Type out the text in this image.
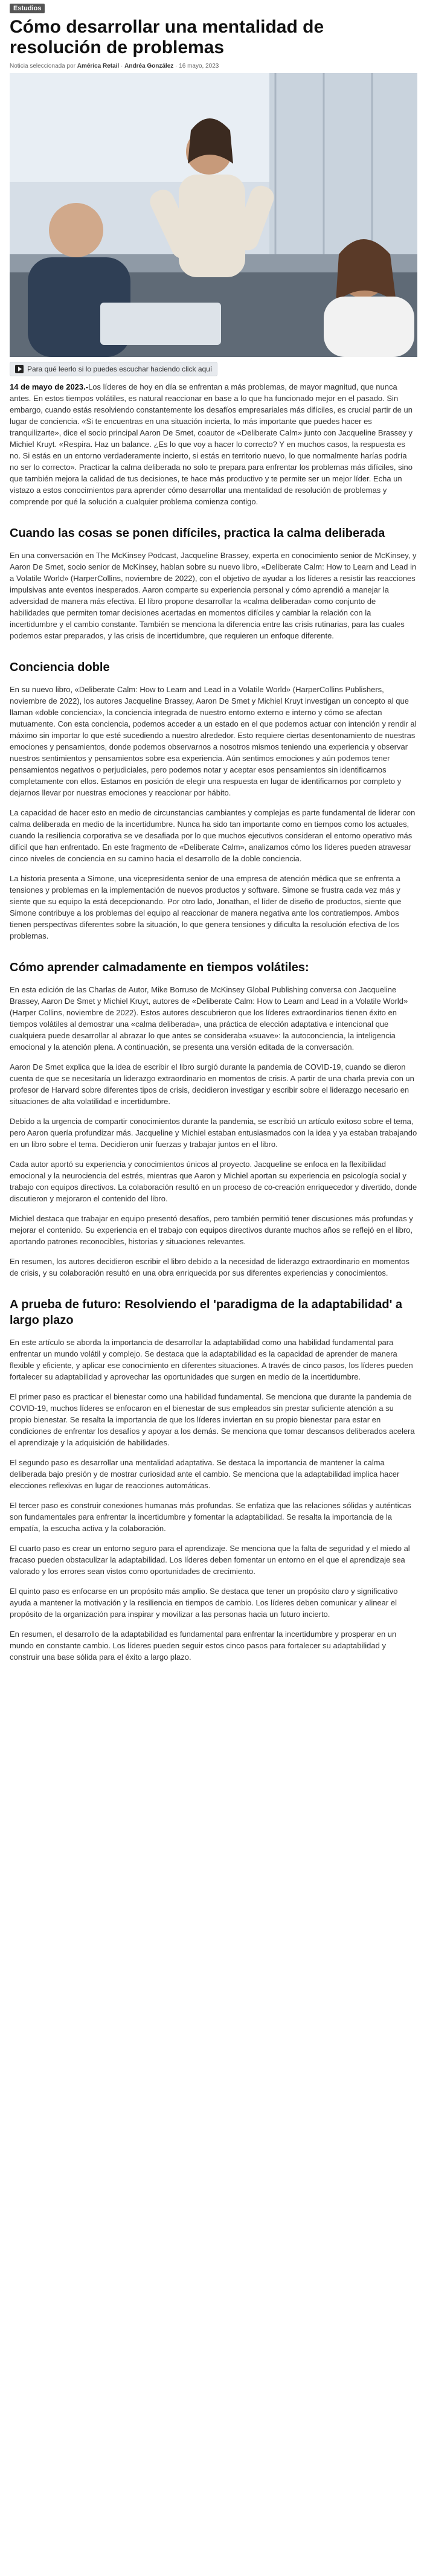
Estudios
Cómo desarrollar una mentalidad de resolución de problemas
Noticia seleccionada por América Retail · Andréa González · 16 mayo, 2023
Para qué leerlo si lo puedes escuchar haciendo click aquí

14 de mayo de 2023.-Los líderes de hoy en día se enfrentan a más problemas, de mayor magnitud, que nunca antes. En estos tiempos volátiles, es natural reaccionar en base a lo que ha funcionado mejor en el pasado. Sin embargo, cuando estás resolviendo constantemente los desafíos empresariales más difíciles, es crucial partir de un lugar de conciencia. «Si te encuentras en una situación incierta, lo más importante que puedes hacer es tranquilizarte», dice el socio principal Aaron De Smet, coautor de «Deliberate Calm» junto con Jacqueline Brassey y Michiel Kruyt. «Respira. Haz un balance. ¿Es lo que voy a hacer lo correcto? Y en muchos casos, la respuesta es no. Si estás en un entorno verdaderamente incierto, si estás en territorio nuevo, lo que normalmente harías podría no ser lo correcto». Practicar la calma deliberada no solo te prepara para enfrentar los problemas más difíciles, sino que también mejora la calidad de tus decisiones, te hace más productivo y te permite ser un mejor líder. Echa un vistazo a estos conocimientos para aprender cómo desarrollar una mentalidad de resolución de problemas y comprende por qué la solución a cualquier problema comienza contigo.

Cuando las cosas se ponen difíciles, practica la calma deliberada

En una conversación en The McKinsey Podcast, Jacqueline Brassey, experta en conocimiento senior de McKinsey, y Aaron De Smet, socio senior de McKinsey, hablan sobre su nuevo libro, «Deliberate Calm: How to Learn and Lead in a Volatile World» (HarperCollins, noviembre de 2022), con el objetivo de ayudar a los líderes a resistir las reacciones impulsivas ante eventos inesperados. Aaron comparte su experiencia personal y cómo aprendió a manejar la adversidad de manera más efectiva. El libro propone desarrollar la «calma deliberada» como conjunto de habilidades que permiten tomar decisiones acertadas en momentos difíciles y cambiar la relación con la incertidumbre y el cambio constante. También se menciona la diferencia entre las crisis rutinarias, para las cuales podemos estar preparados, y las crisis de incertidumbre, que requieren un enfoque diferente.

Conciencia doble

En su nuevo libro, «Deliberate Calm: How to Learn and Lead in a Volatile World» (HarperCollins Publishers, noviembre de 2022), los autores Jacqueline Brassey, Aaron De Smet y Michiel Kruyt investigan un concepto al que llaman «doble conciencia», la conciencia integrada de nuestro entorno externo e interno y cómo se afectan mutuamente. Con esta conciencia, podemos acceder a un estado en el que podemos actuar con intención y rendir al máximo sin importar lo que esté sucediendo a nuestro alrededor. Esto requiere ciertas desentonamiento de nuestras emociones y pensamientos, donde podemos observarnos a nosotros mismos teniendo una experiencia y observar nuestros sentimientos y pensamientos sobre esa experiencia. Aún sentimos emociones y aún podemos tener pensamientos negativos o perjudiciales, pero podemos notar y aceptar esos pensamientos sin identificarnos completamente con ellos. Estamos en posición de elegir una respuesta en lugar de identificarnos por completo y dejarnos llevar por nuestras emociones y reaccionar por hábito.

La capacidad de hacer esto en medio de circunstancias cambiantes y complejas es parte fundamental de liderar con calma deliberada en medio de la incertidumbre. Nunca ha sido tan importante como en tiempos como los actuales, cuando la resiliencia corporativa se ve desafiada por lo que muchos ejecutivos consideran el entorno operativo más difícil que han enfrentado. En este fragmento de «Deliberate Calm», analizamos cómo los líderes pueden atravesar cinco niveles de conciencia en su camino hacia el desarrollo de la doble conciencia.

La historia presenta a Simone, una vicepresidenta senior de una empresa de atención médica que se enfrenta a tensiones y problemas en la implementación de nuevos productos y software. Simone se frustra cada vez más y siente que su equipo la está decepcionando. Por otro lado, Jonathan, el líder de diseño de productos, siente que Simone contribuye a los problemas del equipo al reaccionar de manera negativa ante los contratiempos. Ambos tienen perspectivas diferentes sobre la situación, lo que genera tensiones y dificulta la resolución efectiva de los problemas.

Cómo aprender calmadamente en tiempos volátiles:

En esta edición de las Charlas de Autor, Mike Borruso de McKinsey Global Publishing conversa con Jacqueline Brassey, Aaron De Smet y Michiel Kruyt, autores de «Deliberate Calm: How to Learn and Lead in a Volatile World» (Harper Collins, noviembre de 2022). Estos autores descubrieron que los líderes extraordinarios tienen éxito en tiempos volátiles al demostrar una «calma deliberada», una práctica de elección adaptativa e intencional que cualquiera puede desarrollar al abrazar lo que antes se consideraba «suave»: la autoconciencia, la inteligencia emocional y la atención plena. A continuación, se presenta una versión editada de la conversación.

Aaron De Smet explica que la idea de escribir el libro surgió durante la pandemia de COVID-19, cuando se dieron cuenta de que se necesitaría un liderazgo extraordinario en momentos de crisis. A partir de una charla previa con un profesor de Harvard sobre diferentes tipos de crisis, decidieron investigar y escribir sobre el liderazgo necesario en situaciones de alta volatilidad e incertidumbre.

Debido a la urgencia de compartir conocimientos durante la pandemia, se escribió un artículo exitoso sobre el tema, pero Aaron quería profundizar más. Jacqueline y Michiel estaban entusiasmados con la idea y ya estaban trabajando en un libro sobre el tema. Decidieron unir fuerzas y trabajar juntos en el libro.

Cada autor aportó su experiencia y conocimientos únicos al proyecto. Jacqueline se enfoca en la flexibilidad emocional y la neurociencia del estrés, mientras que Aaron y Michiel aportan su experiencia en psicología social y trabajo con equipos directivos. La colaboración resultó en un proceso de co-creación enriquecedor y divertido, donde discutieron y mejoraron el contenido del libro.

Michiel destaca que trabajar en equipo presentó desafíos, pero también permitió tener discusiones más profundas y mejorar el contenido. Su experiencia en el trabajo con equipos directivos durante muchos años se reflejó en el libro, aportando patrones reconocibles, historias y situaciones relevantes.

En resumen, los autores decidieron escribir el libro debido a la necesidad de liderazgo extraordinario en momentos de crisis, y su colaboración resultó en una obra enriquecida por sus diferentes experiencias y conocimientos.

A prueba de futuro: Resolviendo el 'paradigma de la adaptabilidad' a largo plazo

En este artículo se aborda la importancia de desarrollar la adaptabilidad como una habilidad fundamental para enfrentar un mundo volátil y complejo. Se destaca que la adaptabilidad es la capacidad de aprender de manera flexible y eficiente, y aplicar ese conocimiento en diferentes situaciones. A través de cinco pasos, los líderes pueden fortalecer su adaptabilidad y aprovechar las oportunidades que surgen en medio de la incertidumbre.

El primer paso es practicar el bienestar como una habilidad fundamental. Se menciona que durante la pandemia de COVID-19, muchos líderes se enfocaron en el bienestar de sus empleados sin prestar suficiente atención a su propio bienestar. Se resalta la importancia de que los líderes inviertan en su propio bienestar para estar en condiciones de enfrentar los desafíos y apoyar a los demás. Se menciona que tomar descansos deliberados acelera el aprendizaje y la adquisición de habilidades.

El segundo paso es desarrollar una mentalidad adaptativa. Se destaca la importancia de mantener la calma deliberada bajo presión y de mostrar curiosidad ante el cambio. Se menciona que la adaptabilidad implica hacer elecciones reflexivas en lugar de reacciones automáticas.

El tercer paso es construir conexiones humanas más profundas. Se enfatiza que las relaciones sólidas y auténticas son fundamentales para enfrentar la incertidumbre y fomentar la adaptabilidad. Se resalta la importancia de la empatía, la escucha activa y la colaboración.

El cuarto paso es crear un entorno seguro para el aprendizaje. Se menciona que la falta de seguridad y el miedo al fracaso pueden obstaculizar la adaptabilidad. Los líderes deben fomentar un entorno en el que el aprendizaje sea valorado y los errores sean vistos como oportunidades de crecimiento.

El quinto paso es enfocarse en un propósito más amplio. Se destaca que tener un propósito claro y significativo ayuda a mantener la motivación y la resiliencia en tiempos de cambio. Los líderes deben comunicar y alinear el propósito de la organización para inspirar y movilizar a las personas hacia un futuro incierto.

En resumen, el desarrollo de la adaptabilidad es fundamental para enfrentar la incertidumbre y prosperar en un mundo en constante cambio. Los líderes pueden seguir estos cinco pasos para fortalecer su adaptabilidad y construir una base sólida para el éxito a largo plazo.
